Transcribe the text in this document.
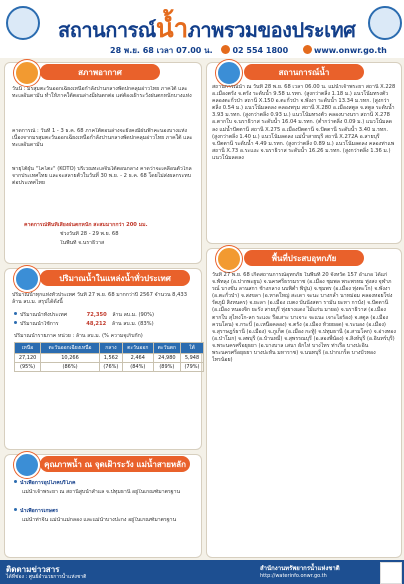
สถานการณ์น้ำภาพรวมของประเทศ
28 พ.ย. 68 เวลา 07.00 น. 02 554 1800	www.onwr.go.th
สภาพอากาศ
วันนี้ : มรสุมตะวันออกเฉียงเหนือกำลังปานกลางพัดปกคลุมอ่าวไทย ภาคใต้ และทะเลอันดามัน ทำให้ภาคใต้ตอนล่างมีฝนตกต่อ แต่ต้องเฝ้าระวังฝนตกหนักบางแห่ง
คาดการณ์ : วันที่ 1 - 3 ธ.ค. 68 ภาคใต้ตอนล่างจะยังคงมีฝนฟ้าคะนองบางแห่ง เนื่องจากมรสุมตะวันออกเฉียงเหนือกำลังปานกลางพัดปกคลุมอ่าวไทย ภาคใต้ และทะเลอันดามัน
พายุไต้ฝุ่น "โคโตะ" (KOTO) บริเวณทะเลจีนใต้ตอนกลาง คาดว่าจะเคลื่อนตัวไกลจากประเทศไทย และจะสลายตัวในวันที่ 30 พ.ย. - 2 ธ.ค. 68 โดยไม่ส่งผลกระทบต่อประเทศไทย
คาดการณ์พื้นที่เสี่ยงฝนตกหนัก สะสมมากกว่า 200 มม.
ช่วงวันที่ 28 - 29 พ.ย. 68
ในพื้นที่ จ.นราธิวาส
ปริมาณน้ำในแหล่งน้ำทั่วประเทศ
ปริมาณน้ำทุกแห่งทั่วประเทศ วันที่ 27 พ.ย. 68 มากกว่าปี 2567 จำนวน 8,433 ล้าน ลบ.ม. สรุปได้ดังนี้
ปริมาณน้ำทั้งประเทศ	72,350 ล้าน ลบ.ม. (90%)
ปริมาณน้ำใช้การ	48,212 ล้าน ลบ.ม. (83%)
ปริมาณน้ำรายภาค หน่วย : ล้าน ลบ.ม. (% ความจุเก็บกัก)
เหนือ	ตะวันออกเฉียงเหนือ	กลาง	ตะวันออก	ตะวันตก	ใต้
27,120	10,266	1,562	2,464	24,980	5,948
(95%)	(86%)	(76%)	(84%)	(89%)	(79%)
คุณภาพน้ำ ณ จุดเฝ้าระวัง แม่น้ำสายหลัก
น้ำเพื่อการอุปโภคบริโภค
แม่น้ำเจ้าพระยา ณ สถานีสูบน้ำสำแล จ.ปทุมธานี อยู่ในเกณฑ์มาตรฐาน
น้ำเพื่อการเกษตร
แม่น้ำท่าจีน แม่น้ำแม่กลอง และแม่น้ำบางปะกง อยู่ในเกณฑ์มาตรฐาน
สถานการณ์น้ำ
สถานการณ์น้ำ ณ วันที่ 28 พ.ย. 68 เวลา 06.00 น. แม่น้ำเจ้าพระยา สถานี X.228 อ.เมืองตรัง จ.ตรัง ระดับน้ำ 9.58 ม.รทก. (สูงกว่าตลิ่ง 1.18 ม.) แนวโน้มทรงตัว คลองตะกั่วป่า สถานี X.150 อ.ตะกั่วป่า จ.พังงา ระดับน้ำ 13.34 ม.รทก. (สูงกว่าตลิ่ง 0.54 ม.) แนวโน้มลดลง คลองพรุม สถานี X.280 อ.เมืองสตูล จ.สตูล ระดับน้ำ 3.93 ม.รทก. (สูงกว่าตลิ่ง 0.93 ม.) แนวโน้มทรงตัว คลองบางนรา สถานี X.278 อ.ตากใบ จ.นราธิวาส ระดับน้ำ 16.04 ม.รทก. (ต่ำกว่าตลิ่ง 0.09 ม.) แนวโน้มลดลง แม่น้ำปัตตานี สถานี X.275 อ.เมืองปัตตานี จ.ปัตตานี ระดับน้ำ 3.40 ม.รทก. (สูงกว่าตลิ่ง 1.40 ม.) แนวโน้มลดลง แม่น้ำสายบุรี สถานี X.272A อ.สายบุรี จ.ปัตตานี ระดับน้ำ 4.49 ม.รทก. (สูงกว่าตลิ่ง 0.89 ม.) แนวโน้มลดลง คลองท่าแพ สถานี X.73 อ.ระแงะ จ.นราธิวาส ระดับน้ำ 16.26 ม.รทก. (สูงกว่าตลิ่ง 1.36 ม.) แนวโน้มลดลง
พื้นที่ประสบอุทกภัย
วันที่ 27 พ.ย. 68 เกิดสถานการณ์อุทกภัย ในพื้นที่ 20 จังหวัด 157 อำเภอ ได้แก่ จ.พัทลุง (อ.ปากพะยูน) จ.นครศรีธรรมราช (อ.เมือง ชุมพล พระพรหม ทุ่งสง จุฬาภรณ์ บางขัน ลานสกา ช้างกลาง นบพิตำ พิปูน) จ.ชุมพร (อ.เมือง ทุ่งตะโก) จ.พังงา (อ.ตะกั่วป่า) จ.สงขลา (อ.หาดใหญ่ สะเดา จะนะ บางกล่ำ นาหม่อม คลองหอยโข่ง รัตภูมิ สิงหนคร) จ.ยะลา (อ.เมือง เบตง บันนังสตา รามัน ยะหา กาบัง) จ.ปัตตานี (อ.เมือง หนองจิก ยะรัง สายบุรี ทุ่งยางแดง ไม้แก่น มายอ) จ.นราธิวาส (อ.เมือง ตากใบ สุไหงโก-ลก ระแงะ รือเสาะ บาเจาะ จะแนะ เจาะไอร้อง) จ.สตูล (อ.เมือง ควนโดน) จ.กระบี่ (อ.เหนือคลอง) จ.ตรัง (อ.เมือง ห้วยยอด) จ.ระนอง (อ.เมือง) จ.สุราษฎร์ธานี (อ.เมือง) จ.ภูเก็ต (อ.เมือง กะทู้) จ.ปทุมธานี (อ.สามโคก) จ.อ่างทอง (อ.ป่าโมก) จ.ลพบุรี (อ.บ้านหมี่) จ.สุพรรณบุรี (อ.สองพี่น้อง) จ.สิงห์บุรี (อ.อินทร์บุรี) จ.พระนครศรีอยุธยา (อ.บางบาล เสนา ผักไห่ บางไทร ท่าเรือ บางปะอิน พระนครศรีอยุธยา บางปะหัน มหาราช) จ.นนทบุรี (อ.ปากเกร็ด บางบัวทอง ไทรน้อย)
ติดตามข่าวสาร
ได้ที่ช่อง : ศูนย์อำนวยการน้ำแห่งชาติ
สำนักงานทรัพยากรน้ำแห่งชาติ
http://waterinfo.onwr.go.th
